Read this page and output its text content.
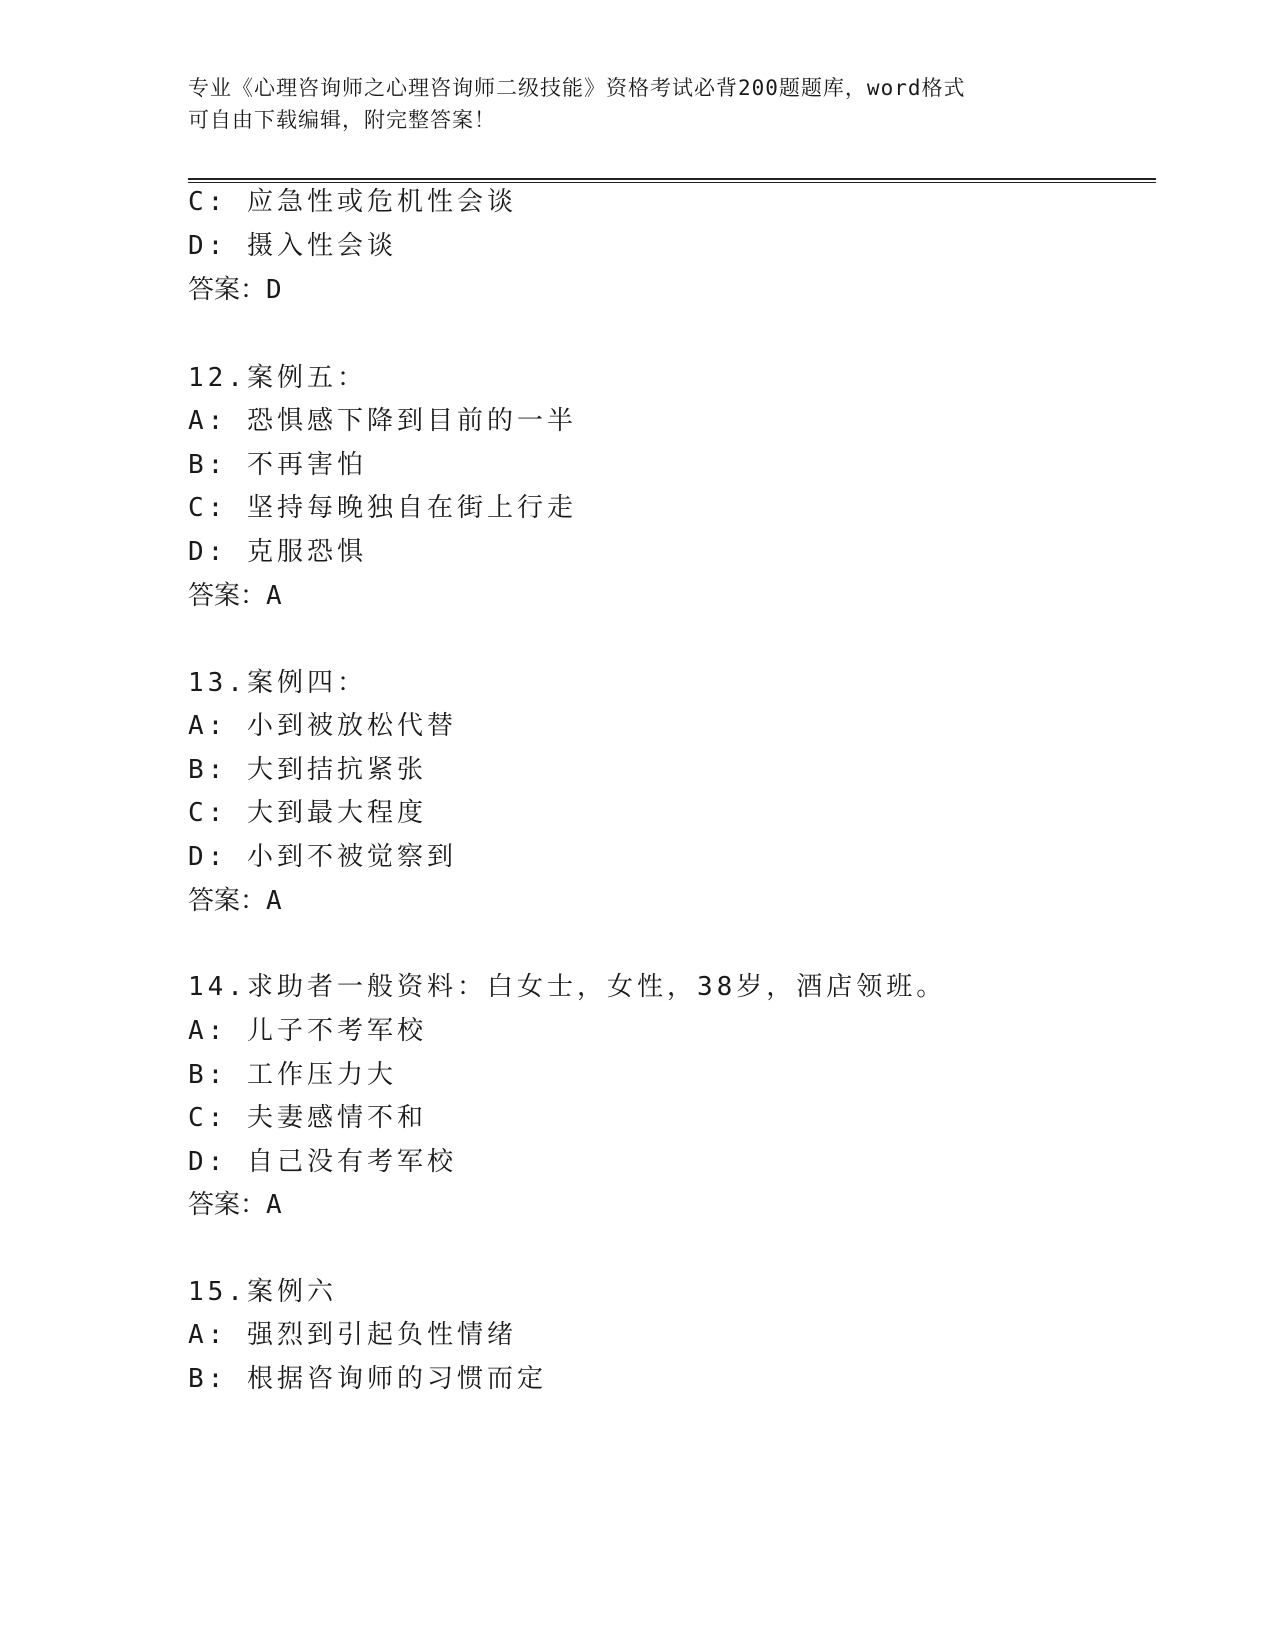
专业《心理咨询师之心理咨询师二级技能》资格考试必背200题题库，word格式
可自由下载编辑，附完整答案！
C: 应急性或危机性会谈
D: 摄入性会谈
答案：D
12.案例五：
A: 恐惧感下降到目前的一半
B: 不再害怕
C: 坚持每晚独自在街上行走
D: 克服恐惧
答案：A
13.案例四：
A: 小到被放松代替
B: 大到拮抗紧张
C: 大到最大程度
D: 小到不被觉察到
答案：A
14.求助者一般资料：白女士，女性，38岁，酒店领班。
A: 儿子不考军校
B: 工作压力大
C: 夫妻感情不和
D: 自己没有考军校
答案：A
15.案例六
A: 强烈到引起负性情绪
B: 根据咨询师的习惯而定
